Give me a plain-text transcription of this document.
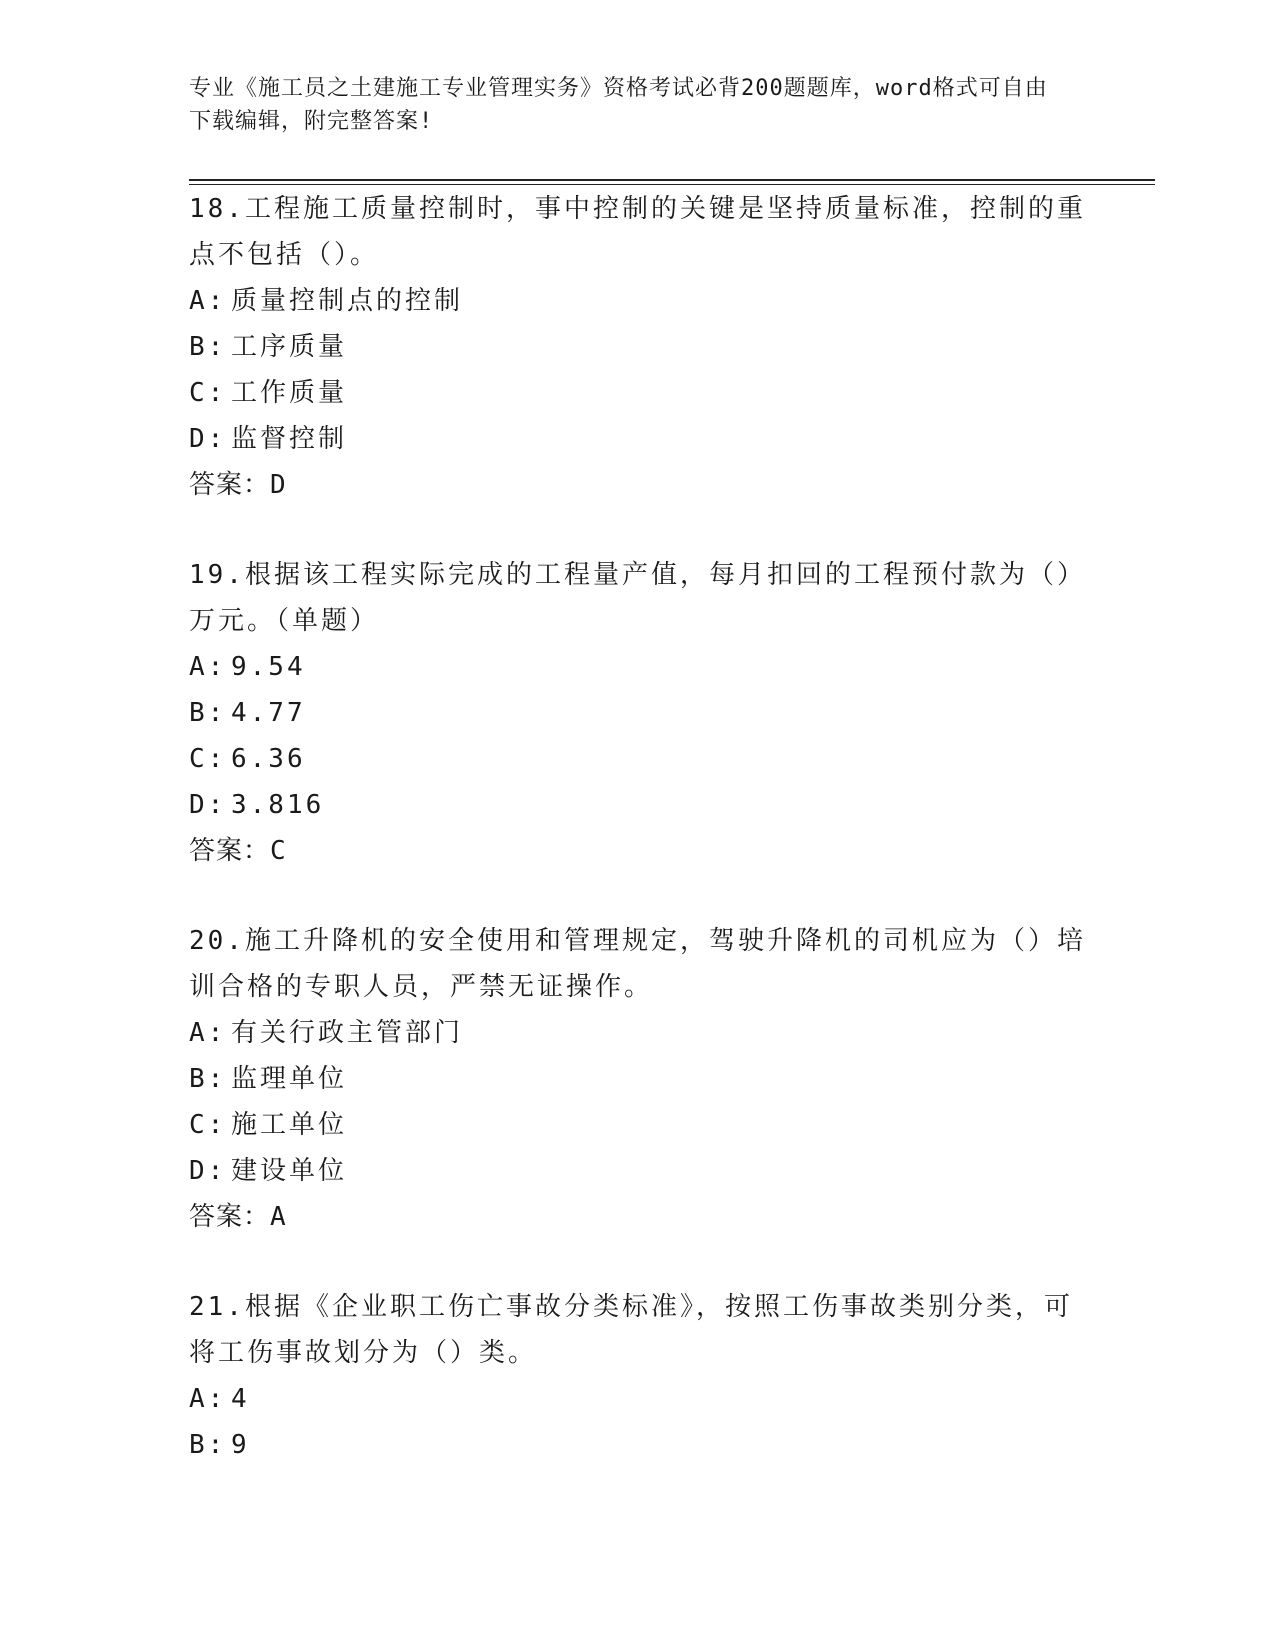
专业《施工员之土建施工专业管理实务》资格考试必背200题题库，word格式可自由下载编辑，附完整答案!

18.工程施工质量控制时，事中控制的关键是坚持质量标准，控制的重点不包括（）。

A: 质量控制点的控制

B: 工序质量

C: 工作质量

D: 监督控制

答案：D

19.根据该工程实际完成的工程量产值，每月扣回的工程预付款为（）万元。（单题）

A: 9.54

B: 4.77

C: 6.36

D: 3.816

答案：C

20.施工升降机的安全使用和管理规定，驾驶升降机的司机应为（）培训合格的专职人员，严禁无证操作。

A: 有关行政主管部门

B: 监理单位

C: 施工单位

D: 建设单位

答案：A

21.根据《企业职工伤亡事故分类标准》，按照工伤事故类别分类，可将工伤事故划分为（）类。

A: 4

B: 9
